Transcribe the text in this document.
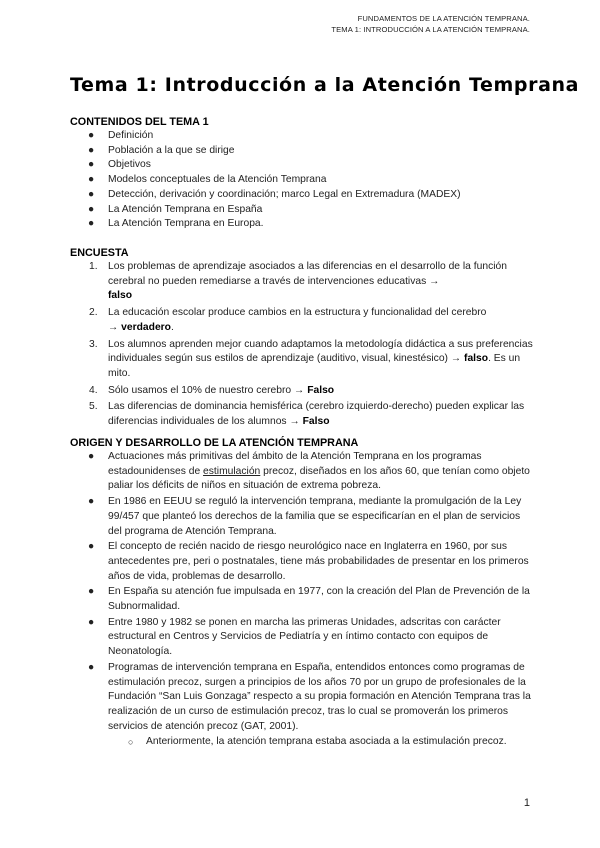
FUNDAMENTOS DE LA ATENCIÓN TEMPRANA.
TEMA 1: INTRODUCCIÓN A LA ATENCIÓN TEMPRANA.
Tema 1: Introducción a la Atención Temprana

CONTENIDOS DEL TEMA 1

● Definición
● Población a la que se dirige
● Objetivos
● Modelos conceptuales de la Atención Temprana
● Detección, derivación y coordinación; marco Legal en Extremadura (MADEX)
● La Atención Temprana en España
● La Atención Temprana en Europa.

ENCUESTA

1. Los problemas de aprendizaje asociados a las diferencias en el desarrollo de la función cerebral no pueden remediarse a través de intervenciones educativas →
falso
2. La educación escolar produce cambios en la estructura y funcionalidad del cerebro
→ verdadero.
3. Los alumnos aprenden mejor cuando adaptamos la metodología didáctica a sus preferencias individuales según sus estilos de aprendizaje (auditivo, visual, kinestésico) → falso. Es un mito.
4. Sólo usamos el 10% de nuestro cerebro → Falso
5. Las diferencias de dominancia hemisférica (cerebro izquierdo-derecho) pueden explicar las diferencias individuales de los alumnos → Falso

ORIGEN Y DESARROLLO DE LA ATENCIÓN TEMPRANA

● Actuaciones más primitivas del ámbito de la Atención Temprana en los programas estadounidenses de estimulación precoz, diseñados en los años 60, que tenían como objeto paliar los déficits de niños en situación de extrema pobreza.
● En 1986 en EEUU se reguló la intervención temprana, mediante la promulgación de la Ley 99/457 que planteó los derechos de la familia que se especificarían en el plan de servicios del programa de Atención Temprana.
● El concepto de recién nacido de riesgo neurológico nace en Inglaterra en 1960, por sus antecedentes pre, peri o postnatales, tiene más probabilidades de presentar en los primeros años de vida, problemas de desarrollo.
● En España su atención fue impulsada en 1977, con la creación del Plan de Prevención de la Subnormalidad.
● Entre 1980 y 1982 se ponen en marcha las primeras Unidades, adscritas con carácter estructural en Centros y Servicios de Pediatría y en íntimo contacto con equipos de Neonatología.
● Programas de intervención temprana en España, entendidos entonces como programas de estimulación precoz, surgen a principios de los años 70 por un grupo de profesionales de la Fundación “San Luis Gonzaga” respecto a su propia formación en Atención Temprana tras la realización de un curso de estimulación precoz, tras lo cual se promoverán los primeros servicios de atención precoz (GAT, 2001).
○ Anteriormente, la atención temprana estaba asociada a la estimulación precoz.
1
